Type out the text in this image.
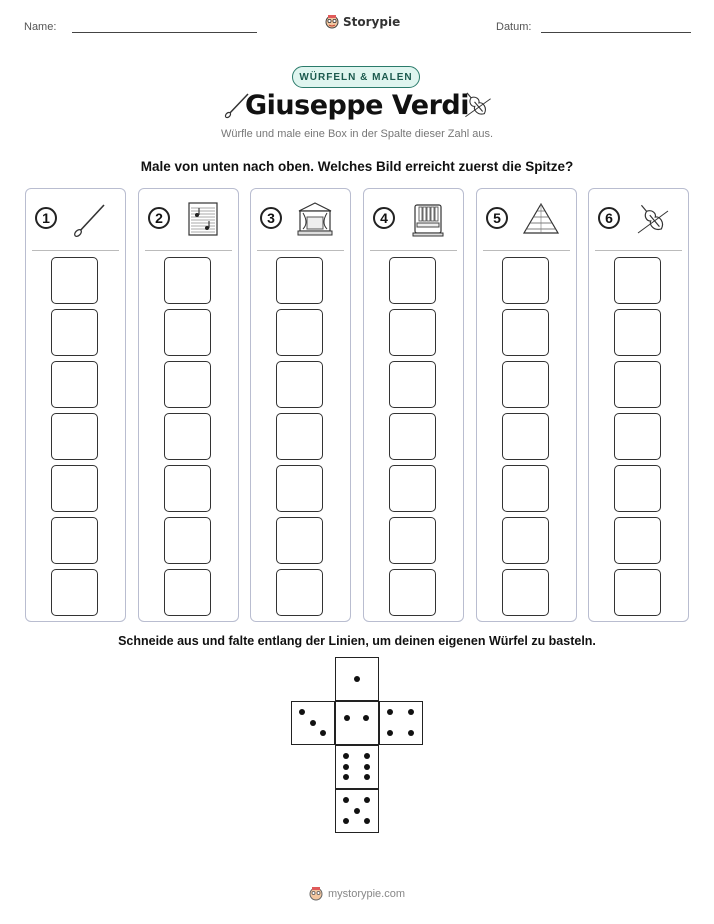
Name:	Storypie	Datum:
WÜRFELN & MALEN
Giuseppe Verdi
Würfle und male eine Box in der Spalte dieser Zahl aus.
Male von unten nach oben. Welches Bild erreicht zuerst die Spitze?
1	2	3	4	5	6
Schneide aus und falte entlang der Linien, um deinen eigenen Würfel zu basteln.
mystorypie.com
